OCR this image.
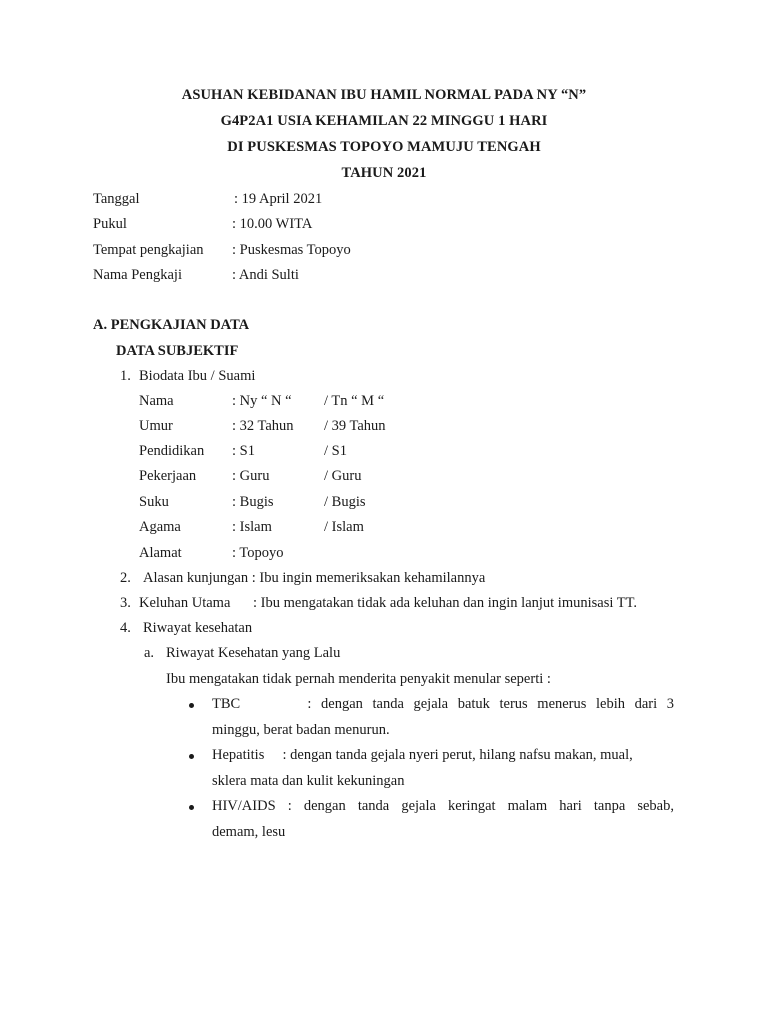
ASUHAN KEBIDANAN IBU HAMIL NORMAL PADA NY “N”
G4P2A1 USIA KEHAMILAN 22 MINGGU 1 HARI
DI PUSKESMAS TOPOYO MAMUJU TENGAH
TAHUN 2021
Tanggal	: 19 April 2021
Pukul	: 10.00 WITA
Tempat pengkajian : Puskesmas Topoyo
Nama Pengkaji	: Andi Sulti
A. PENGKAJIAN DATA
DATA SUBJEKTIF
1. Biodata Ibu / Suami
Nama	: Ny “ N “ / Tn “ M “
Umur	: 32 Tahun / 39 Tahun
Pendidikan : S1	/ S1
Pekerjaan : Guru	/ Guru
Suku	: Bugis	/ Bugis
Agama	: Islam	/ Islam
Alamat	: Topoyo
2. Alasan kunjungan : Ibu ingin memeriksakan kehamilannya
3. Keluhan Utama : Ibu mengatakan tidak ada keluhan dan ingin lanjut imunisasi TT.
4. Riwayat kesehatan
a. Riwayat Kesehatan yang Lalu
Ibu mengatakan tidak pernah menderita penyakit menular seperti :
TBC              :  dengan  tanda  gejala  batuk  terus  menerus  lebih  dari  3
minggu, berat badan menurun.
Hepatitis     : dengan tanda gejala nyeri perut, hilang nafsu makan, mual,
sklera mata dan kulit kekuningan
HIV/AIDS  :  dengan  tanda  gejala  keringat  malam  hari  tanpa  sebab,
demam, lesu
